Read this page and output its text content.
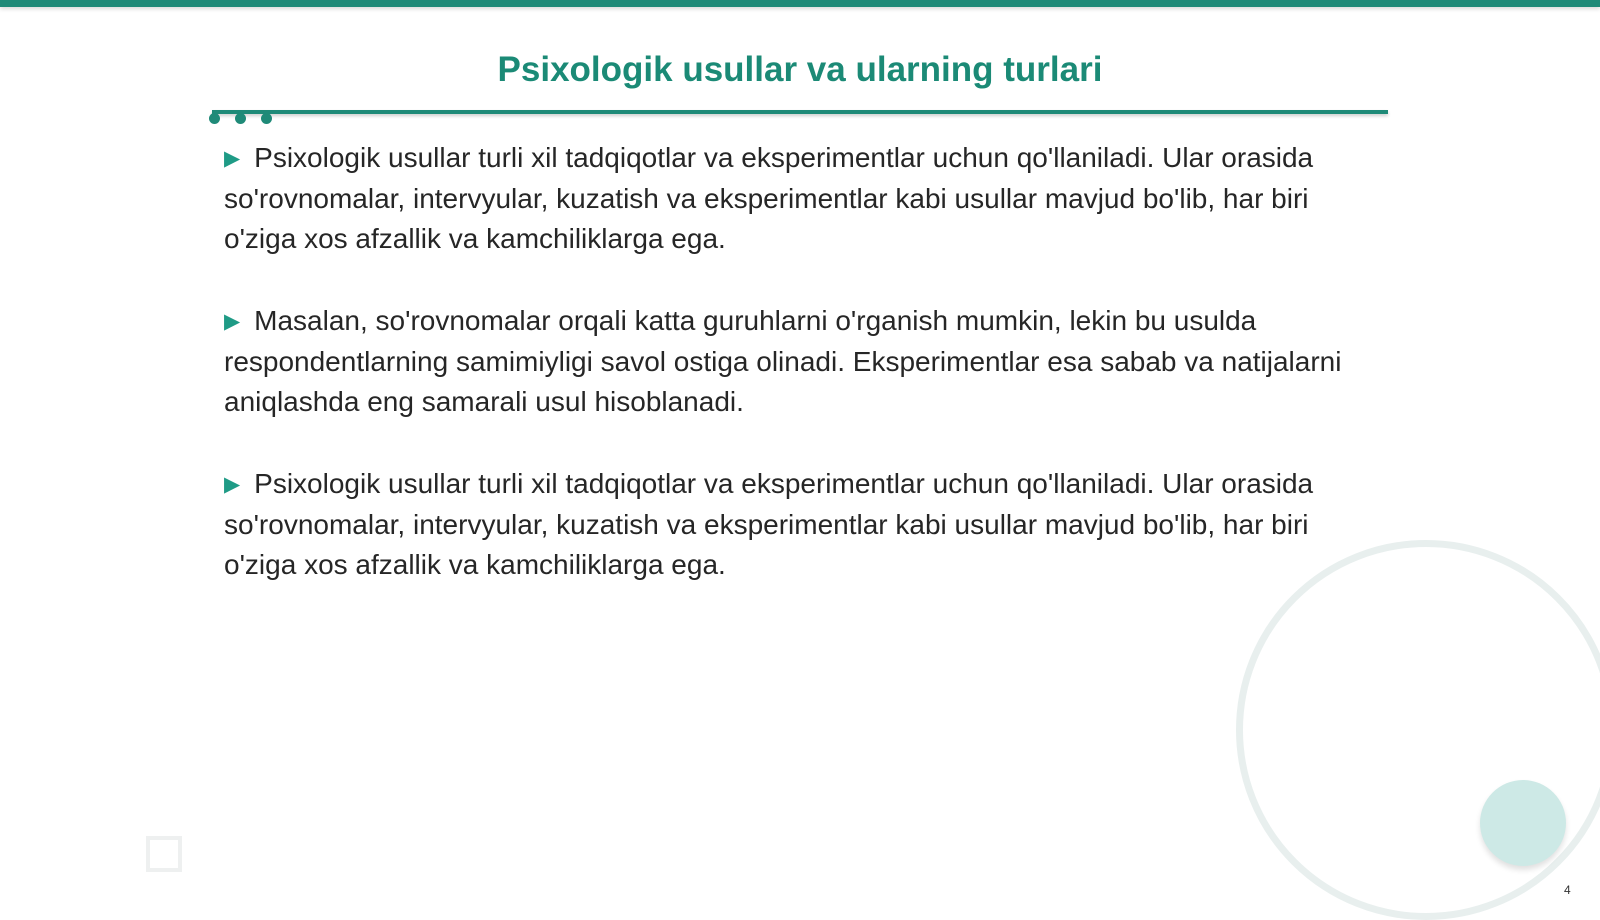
Psixologik usullar va ularning turlari

▶ Psixologik usullar turli xil tadqiqotlar va eksperimentlar uchun qo'llaniladi. Ular orasida so'rovnomalar, intervyular, kuzatish va eksperimentlar kabi usullar mavjud bo'lib, har biri o'ziga xos afzallik va kamchiliklarga ega.

▶ Masalan, so'rovnomalar orqali katta guruhlarni o'rganish mumkin, lekin bu usulda respondentlarning samimiyligi savol ostiga olinadi. Eksperimentlar esa sabab va natijalarni aniqlashda eng samarali usul hisoblanadi.

▶ Psixologik usullar turli xil tadqiqotlar va eksperimentlar uchun qo'llaniladi. Ular orasida so'rovnomalar, intervyular, kuzatish va eksperimentlar kabi usullar mavjud bo'lib, har biri o'ziga xos afzallik va kamchiliklarga ega.

4
